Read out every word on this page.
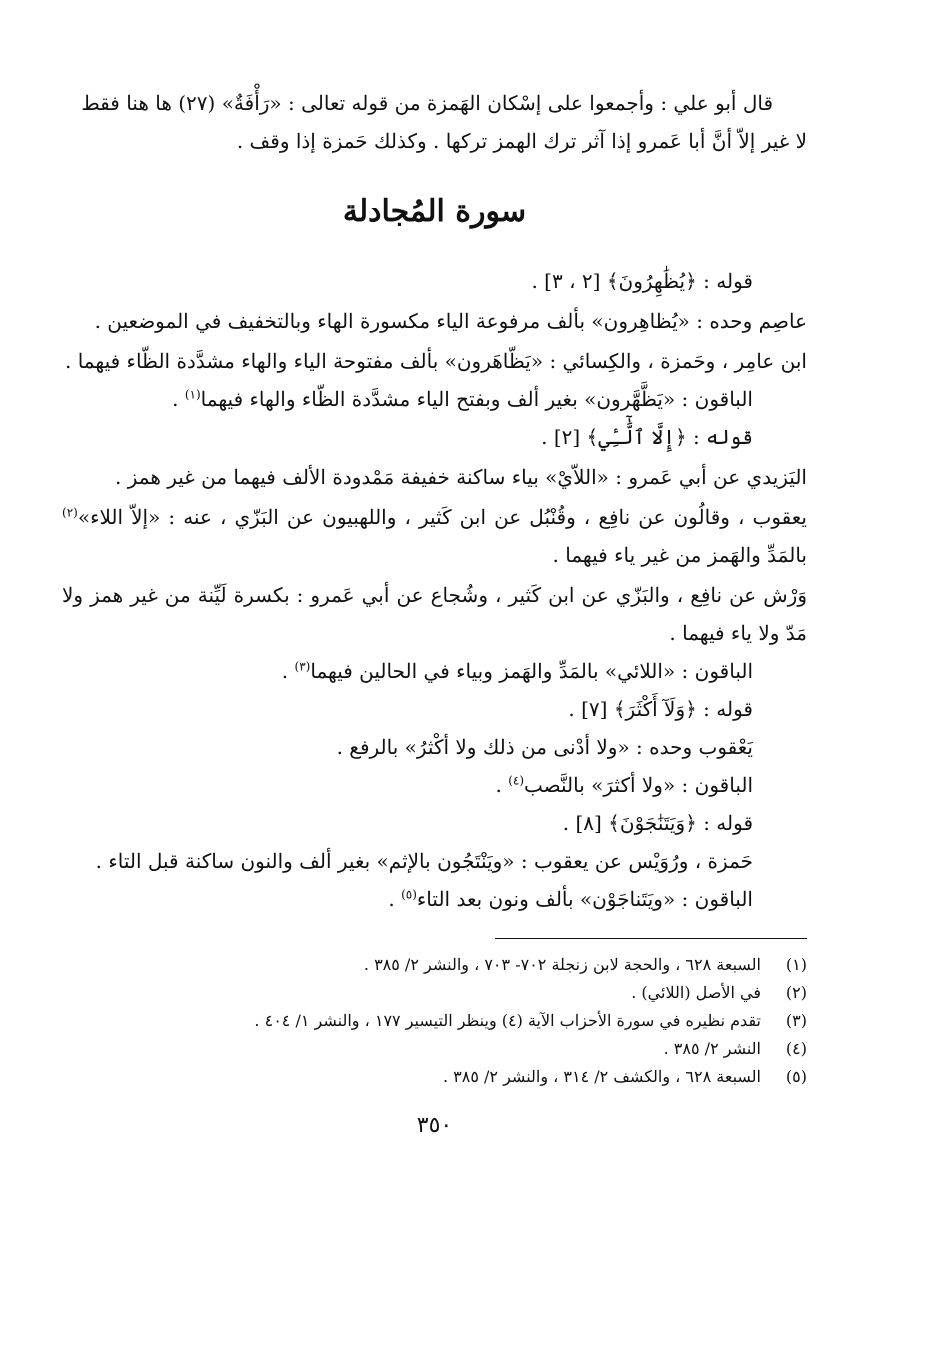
قال أبو علي : وأجمعوا على إسْكان الهَمزة من قوله تعالى : «رَأْفَةٌ» (٢٧) ها هنا فقط
لا غير إلاّ أنَّ أبا عَمرو إذا آثر ترك الهمز تركها . وكذلك حَمزة إذا وقف .

سورة المُجادلة

قوله : ﴿يُظَٰهِرُونَ﴾ [٢ ، ٣] .

عاصِم وحده : «يُظاهِرون» بألف مرفوعة الياء مكسورة الهاء وبالتخفيف في الموضعين .

ابن عامِر ، وحَمزة ، والكِسائي : «يَظّاهَرون» بألف مفتوحة الياء والهاء مشدَّدة الظّاء فيهما .

الباقون : «يَظَّهَّرون» بغير ألف وبفتح الياء مشدَّدة الظّاء والهاء فيهما$^{(١)}$ .

قوله : ﴿إِلَّا ٱلَّٰٓـِٔي﴾ [٢] .

اليَزيدي عن أبي عَمرو : «اللاّيْ» بياء ساكنة خفيفة مَمْدودة الألف فيهما من غير همز .

يعقوب ، وقالُون عن نافِع ، وقُنْبُل عن ابن كَثير ، واللهبيون عن البَزّي ، عنه : «إلاّ اللاء»$^{(٢)}$ بالمَدِّ والهَمز من غير ياء فيهما .

وَرْش عن نافِع ، والبَزّي عن ابن كَثير ، وشُجاع عن أبي عَمرو : بكسرة لَيِّنة من غير همز ولا مَدّ ولا ياء فيهما .

الباقون : «اللائي» بالمَدِّ والهَمز وبياء في الحالين فيهما$^{(٣)}$ .

قوله : ﴿وَلَآ أَكْثَرَ﴾ [٧] .

يَعْقوب وحده : «ولا أدْنى من ذلك ولا أكْثرُ» بالرفع .

الباقون : «ولا أكثرَ» بالنَّصب$^{(٤)}$ .

قوله : ﴿وَيَتَنَٰجَوْنَ﴾ [٨] .

حَمزة ، ورُوَيْس عن يعقوب : «ويَنْتَجُون بالإثم» بغير ألف والنون ساكنة قبل التاء .

الباقون : «ويَتَناجَوْن» بألف ونون بعد التاء$^{(٥)}$ .

(١)السبعة ٦٢٨ ، والحجة لابن زنجلة ٧٠٢- ٧٠٣ ، والنشر ٢/ ٣٨٥ .

(٢)في الأصل (اللائي) .

(٣)تقدم نظيره في سورة الأحزاب الآية (٤) وينظر التيسير ١٧٧ ، والنشر ١/ ٤٠٤ .

(٤)النشر ٢/ ٣٨٥ .

(٥)السبعة ٦٢٨ ، والكشف ٢/ ٣١٤ ، والنشر ٢/ ٣٨٥ .

٣٥٠
